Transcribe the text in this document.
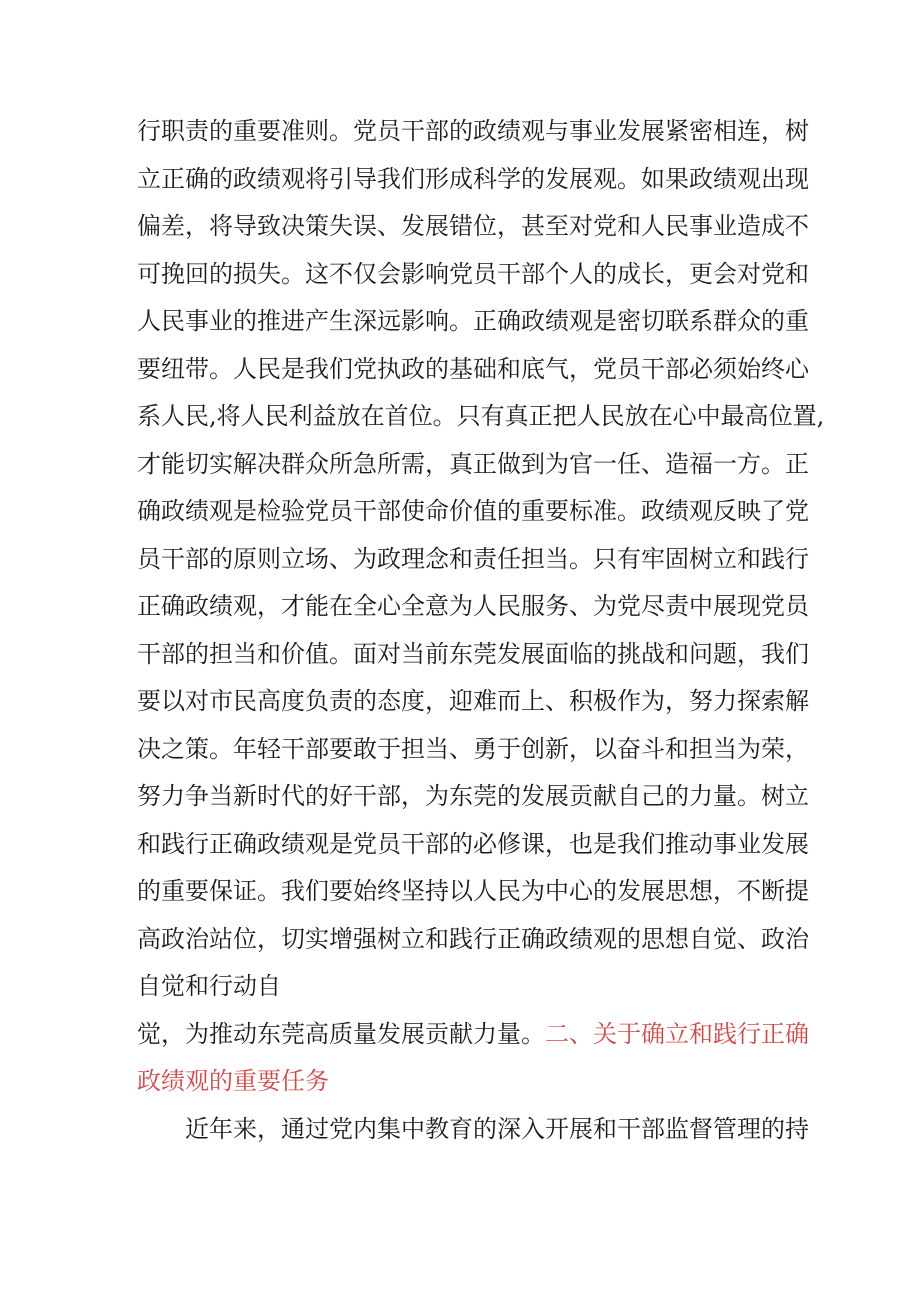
行职责的重要准则。党员干部的政绩观与事业发展紧密相连，树
立正确的政绩观将引导我们形成科学的发展观。如果政绩观出现
偏差，将导致决策失误、发展错位，甚至对党和人民事业造成不
可挽回的损失。这不仅会影响党员干部个人的成长，更会对党和
人民事业的推进产生深远影响。正确政绩观是密切联系群众的重
要纽带。人民是我们党执政的基础和底气，党员干部必须始终心
系人民,将人民利益放在首位。只有真正把人民放在心中最高位置,
才能切实解决群众所急所需，真正做到为官一任、造福一方。正
确政绩观是检验党员干部使命价值的重要标准。政绩观反映了党
员干部的原则立场、为政理念和责任担当。只有牢固树立和践行
正确政绩观，才能在全心全意为人民服务、为党尽责中展现党员
干部的担当和价值。面对当前东莞发展面临的挑战和问题，我们
要以对市民高度负责的态度，迎难而上、积极作为，努力探索解
决之策。年轻干部要敢于担当、勇于创新，以奋斗和担当为荣，
努力争当新时代的好干部，为东莞的发展贡献自己的力量。树立
和践行正确政绩观是党员干部的必修课，也是我们推动事业发展
的重要保证。我们要始终坚持以人民为中心的发展思想，不断提
高政治站位，切实增强树立和践行正确政绩观的思想自觉、政治
自觉和行动自
觉，为推动东莞高质量发展贡献力量。二、关于确立和践行正确
政绩观的重要任务
近年来，通过党内集中教育的深入开展和干部监督管理的持
